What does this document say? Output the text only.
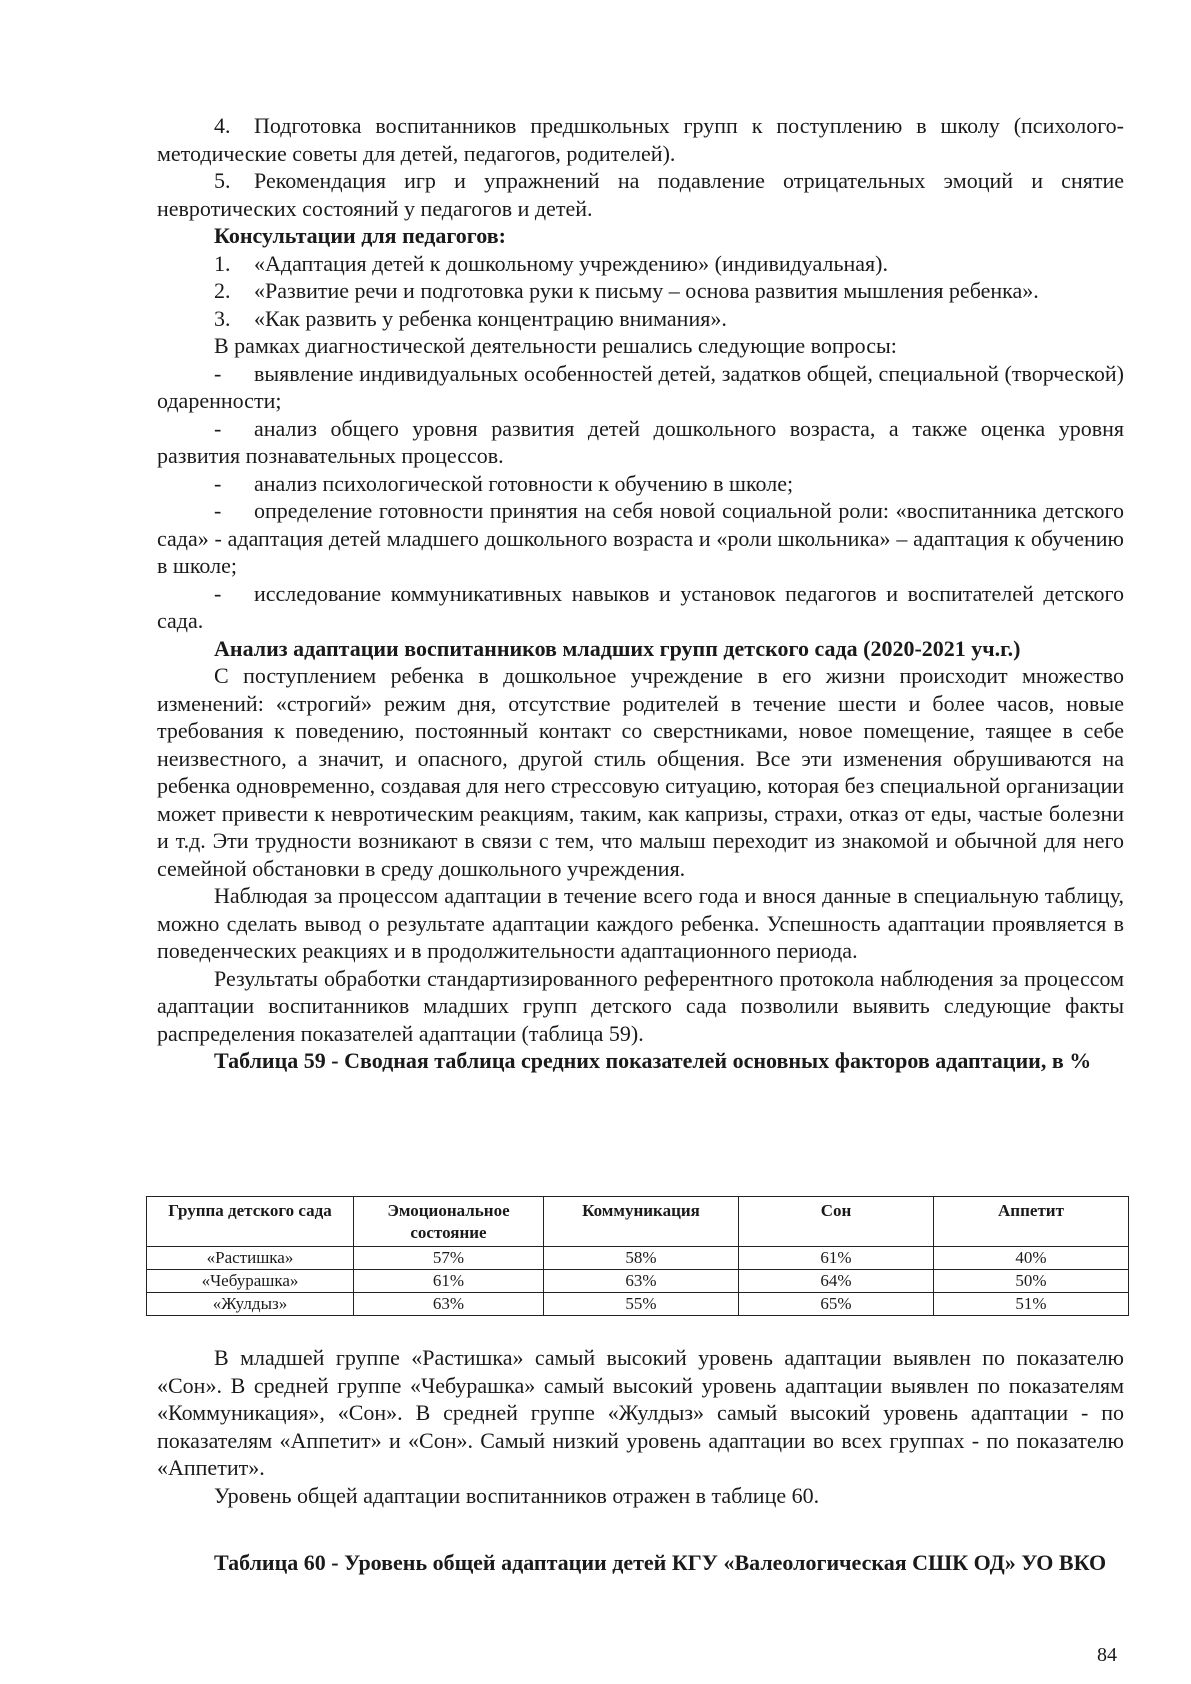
4. Подготовка воспитанников предшкольных групп к поступлению в школу (психолого-методические советы для детей, педагогов, родителей).

5. Рекомендация игр и упражнений на подавление отрицательных эмоций и снятие невротических состояний у педагогов и детей.

Консультации для педагогов:

1. «Адаптация детей к дошкольному учреждению» (индивидуальная).

2. «Развитие речи и подготовка руки к письму – основа развития мышления ребенка».

3. «Как развить у ребенка концентрацию внимания».

В рамках диагностической деятельности решались следующие вопросы:

- выявление индивидуальных особенностей детей, задатков общей, специальной (творческой) одаренности;

- анализ общего уровня развития детей дошкольного возраста, а также оценка уровня развития познавательных процессов.

- анализ психологической готовности к обучению в школе;

- определение готовности принятия на себя новой социальной роли: «воспитанника детского сада» - адаптация детей младшего дошкольного возраста и «роли школьника» – адаптация к обучению в школе;

- исследование коммуникативных навыков и установок педагогов и воспитателей детского сада.

Анализ адаптации воспитанников младших групп детского сада (2020-2021 уч.г.)

С поступлением ребенка в дошкольное учреждение в его жизни происходит множество изменений: «строгий» режим дня, отсутствие родителей в течение шести и более часов, новые требования к поведению, постоянный контакт со сверстниками, новое помещение, таящее в себе неизвестного, а значит, и опасного, другой стиль общения. Все эти изменения обрушиваются на ребенка одновременно, создавая для него стрессовую ситуацию, которая без специальной организации может привести к невротическим реакциям, таким, как капризы, страхи, отказ от еды, частые болезни и т.д. Эти трудности возникают в связи с тем, что малыш переходит из знакомой и обычной для него семейной обстановки в среду дошкольного учреждения.

Наблюдая за процессом адаптации в течение всего года и внося данные в специальную таблицу, можно сделать вывод о результате адаптации каждого ребенка. Успешность адаптации проявляется в поведенческих реакциях и в продолжительности адаптационного периода.

Результаты обработки стандартизированного референтного протокола наблюдения за процессом адаптации воспитанников младших групп детского сада позволили выявить следующие факты распределения показателей адаптации (таблица 59).

Таблица 59 - Сводная таблица средних показателей основных факторов адаптации, в %

Группа детского сада	Эмоциональное состояние	Коммуникация	Сон	Аппетит
«Растишка»	57%	58%	61%	40%
«Чебурашка»	61%	63%	64%	50%
«Жулдыз»	63%	55%	65%	51%

В младшей группе «Растишка» самый высокий уровень адаптации выявлен по показателю «Сон». В средней группе «Чебурашка» самый высокий уровень адаптации выявлен по показателям «Коммуникация», «Сон». В средней группе «Жулдыз» самый высокий уровень адаптации - по показателям «Аппетит» и «Сон». Самый низкий уровень адаптации во всех группах - по показателю «Аппетит».

Уровень общей адаптации воспитанников отражен в таблице 60.

Таблица 60 - Уровень общей адаптации детей КГУ «Валеологическая СШК ОД» УО ВКО

84
